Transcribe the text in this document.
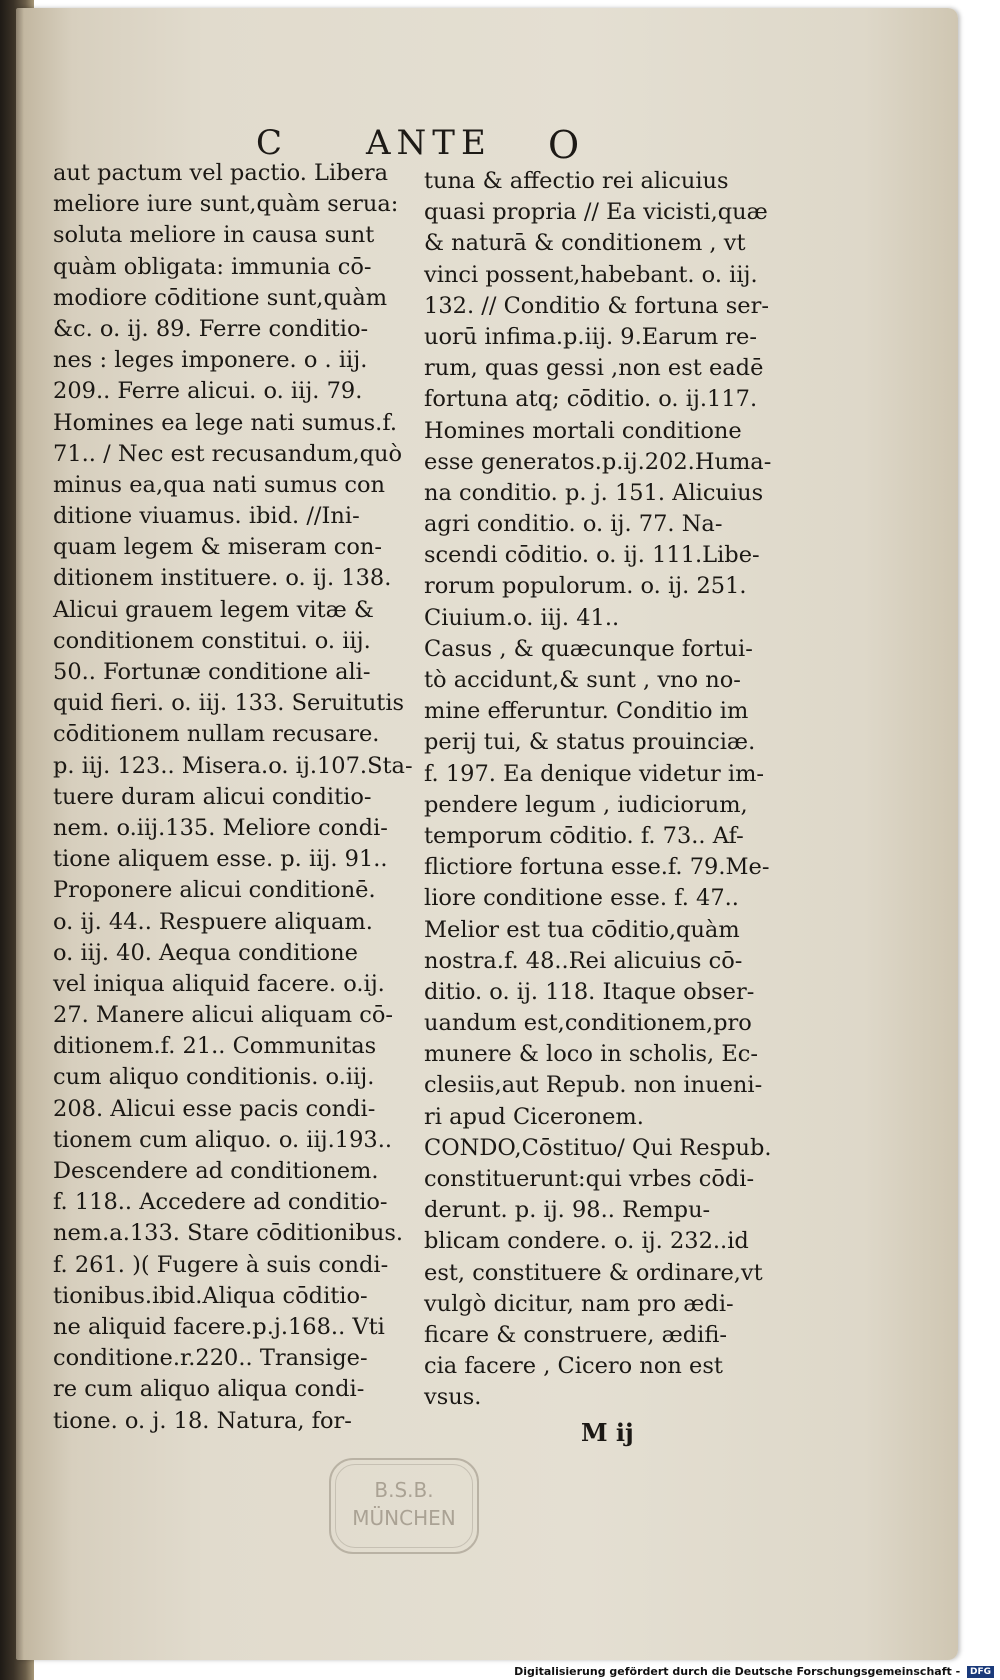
C ANTE O
aut pactum vel pactio. Libera
meliore iure sunt,quàm serua:
soluta meliore in causa sunt
quàm obligata: immunia cō-
modiore cōditione sunt,quàm
&c. o. ij. 89. Ferre conditio-
nes : leges imponere. o . iij.
209.. Ferre alicui. o. iij. 79.
Homines ea lege nati sumus.f.
71.. / Nec est recusandum,quò
minus ea,qua nati sumus con
ditione viuamus. ibid. //Ini-
quam legem & miseram con-
ditionem instituere. o. ij. 138.
Alicui grauem legem vitæ &
conditionem constitui. o. iij.
50.. Fortunæ conditione ali-
quid fieri. o. iij. 133. Seruitutis
cōditionem nullam recusare.
p. iij. 123.. Misera.o. ij.107.Sta-
tuere duram alicui conditio-
nem. o.iij.135. Meliore condi-
tione aliquem esse. p. iij. 91..
Proponere alicui conditionē.
o. ij. 44.. Respuere aliquam.
o. iij. 40. Aequa conditione
vel iniqua aliquid facere. o.ij.
27. Manere alicui aliquam cō-
ditionem.f. 21.. Communitas
cum aliquo conditionis. o.iij.
208. Alicui esse pacis condi-
tionem cum aliquo. o. iij.193..
Descendere ad conditionem.
f. 118.. Accedere ad conditio-
nem.a.133. Stare cōditionibus.
f. 261. )( Fugere à suis condi-
tionibus.ibid.Aliqua cōditio-
ne aliquid facere.p.j.168.. Vti
conditione.r.220.. Transige-
re cum aliquo aliqua condi-
tione. o. j. 18. Natura, for-
tuna & affectio rei alicuius
quasi propria // Ea vicisti,quæ
& naturā & conditionem , vt
vinci possent,habebant. o. iij.
132. // Conditio & fortuna ser-
uorū infima.p.iij. 9.Earum re-
rum, quas gessi ,non est eadē
fortuna atq; cōditio. o. ij.117.
Homines mortali conditione
esse generatos.p.ij.202.Huma-
na conditio. p. j. 151. Alicuius
agri conditio. o. ij. 77. Na-
scendi cōditio. o. ij. 111.Libe-
rorum populorum. o. ij. 251.
Ciuium.o. iij. 41..
Casus , & quæcunque fortui-
tò accidunt,& sunt , vno no-
mine efferuntur. Conditio im
perij tui, & status prouinciæ.
f. 197. Ea denique videtur im-
pendere legum , iudiciorum,
temporum cōditio. f. 73.. Af-
flictiore fortuna esse.f. 79.Me-
liore conditione esse. f. 47..
Melior est tua cōditio,quàm
nostra.f. 48..Rei alicuius cō-
ditio. o. ij. 118. Itaque obser-
uandum est,conditionem,pro
munere & loco in scholis, Ec-
clesiis,aut Repub. non inueni-
ri apud Ciceronem.
CONDO,Cōstituo/ Qui Respub.
constituerunt:qui vrbes cōdi-
derunt. p. ij. 98.. Rempu-
blicam condere. o. ij. 232..id
est, constituere & ordinare,vt
vulgò dicitur, nam pro ædi-
ficare & construere, ædifi-
cia facere , Cicero non est
vsus.
M ij
B.S.B.
MÜNCHEN
Digitalisierung gefördert durch die Deutsche Forschungsgemeinschaft - DFG
